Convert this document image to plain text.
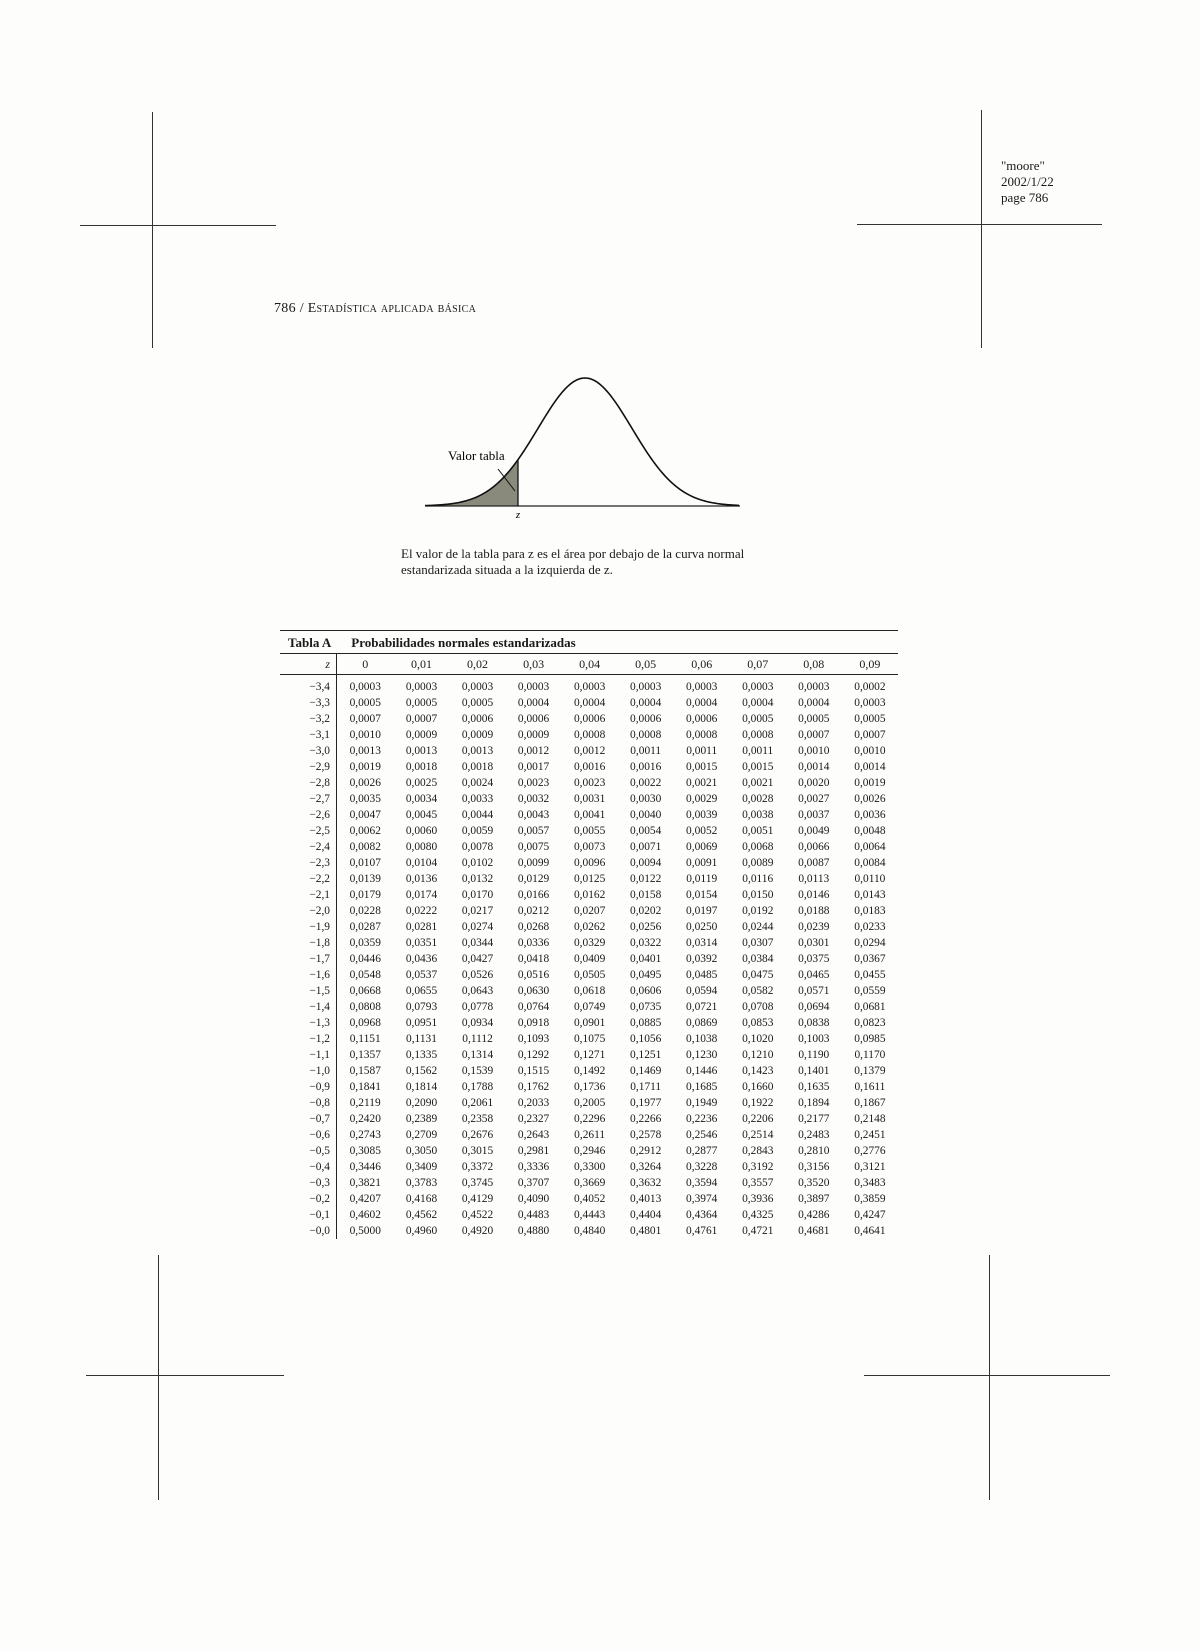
"moore"
2002/1/22
page 786
786 / Estadística aplicada básica
Valor tabla
z
El valor de la tabla para z es el área por debajo de la curva normal estandarizada situada a la izquierda de z.
Tabla A Probabilidades normales estandarizadas
z	0	0,01	0,02	0,03	0,04	0,05	0,06	0,07	0,08	0,09
−3,4	0,0003	0,0003	0,0003	0,0003	0,0003	0,0003	0,0003	0,0003	0,0003	0,0002
−3,3	0,0005	0,0005	0,0005	0,0004	0,0004	0,0004	0,0004	0,0004	0,0004	0,0003
−3,2	0,0007	0,0007	0,0006	0,0006	0,0006	0,0006	0,0006	0,0005	0,0005	0,0005
−3,1	0,0010	0,0009	0,0009	0,0009	0,0008	0,0008	0,0008	0,0008	0,0007	0,0007
−3,0	0,0013	0,0013	0,0013	0,0012	0,0012	0,0011	0,0011	0,0011	0,0010	0,0010
−2,9	0,0019	0,0018	0,0018	0,0017	0,0016	0,0016	0,0015	0,0015	0,0014	0,0014
−2,8	0,0026	0,0025	0,0024	0,0023	0,0023	0,0022	0,0021	0,0021	0,0020	0,0019
−2,7	0,0035	0,0034	0,0033	0,0032	0,0031	0,0030	0,0029	0,0028	0,0027	0,0026
−2,6	0,0047	0,0045	0,0044	0,0043	0,0041	0,0040	0,0039	0,0038	0,0037	0,0036
−2,5	0,0062	0,0060	0,0059	0,0057	0,0055	0,0054	0,0052	0,0051	0,0049	0,0048
−2,4	0,0082	0,0080	0,0078	0,0075	0,0073	0,0071	0,0069	0,0068	0,0066	0,0064
−2,3	0,0107	0,0104	0,0102	0,0099	0,0096	0,0094	0,0091	0,0089	0,0087	0,0084
−2,2	0,0139	0,0136	0,0132	0,0129	0,0125	0,0122	0,0119	0,0116	0,0113	0,0110
−2,1	0,0179	0,0174	0,0170	0,0166	0,0162	0,0158	0,0154	0,0150	0,0146	0,0143
−2,0	0,0228	0,0222	0,0217	0,0212	0,0207	0,0202	0,0197	0,0192	0,0188	0,0183
−1,9	0,0287	0,0281	0,0274	0,0268	0,0262	0,0256	0,0250	0,0244	0,0239	0,0233
−1,8	0,0359	0,0351	0,0344	0,0336	0,0329	0,0322	0,0314	0,0307	0,0301	0,0294
−1,7	0,0446	0,0436	0,0427	0,0418	0,0409	0,0401	0,0392	0,0384	0,0375	0,0367
−1,6	0,0548	0,0537	0,0526	0,0516	0,0505	0,0495	0,0485	0,0475	0,0465	0,0455
−1,5	0,0668	0,0655	0,0643	0,0630	0,0618	0,0606	0,0594	0,0582	0,0571	0,0559
−1,4	0,0808	0,0793	0,0778	0,0764	0,0749	0,0735	0,0721	0,0708	0,0694	0,0681
−1,3	0,0968	0,0951	0,0934	0,0918	0,0901	0,0885	0,0869	0,0853	0,0838	0,0823
−1,2	0,1151	0,1131	0,1112	0,1093	0,1075	0,1056	0,1038	0,1020	0,1003	0,0985
−1,1	0,1357	0,1335	0,1314	0,1292	0,1271	0,1251	0,1230	0,1210	0,1190	0,1170
−1,0	0,1587	0,1562	0,1539	0,1515	0,1492	0,1469	0,1446	0,1423	0,1401	0,1379
−0,9	0,1841	0,1814	0,1788	0,1762	0,1736	0,1711	0,1685	0,1660	0,1635	0,1611
−0,8	0,2119	0,2090	0,2061	0,2033	0,2005	0,1977	0,1949	0,1922	0,1894	0,1867
−0,7	0,2420	0,2389	0,2358	0,2327	0,2296	0,2266	0,2236	0,2206	0,2177	0,2148
−0,6	0,2743	0,2709	0,2676	0,2643	0,2611	0,2578	0,2546	0,2514	0,2483	0,2451
−0,5	0,3085	0,3050	0,3015	0,2981	0,2946	0,2912	0,2877	0,2843	0,2810	0,2776
−0,4	0,3446	0,3409	0,3372	0,3336	0,3300	0,3264	0,3228	0,3192	0,3156	0,3121
−0,3	0,3821	0,3783	0,3745	0,3707	0,3669	0,3632	0,3594	0,3557	0,3520	0,3483
−0,2	0,4207	0,4168	0,4129	0,4090	0,4052	0,4013	0,3974	0,3936	0,3897	0,3859
−0,1	0,4602	0,4562	0,4522	0,4483	0,4443	0,4404	0,4364	0,4325	0,4286	0,4247
−0,0	0,5000	0,4960	0,4920	0,4880	0,4840	0,4801	0,4761	0,4721	0,4681	0,4641
